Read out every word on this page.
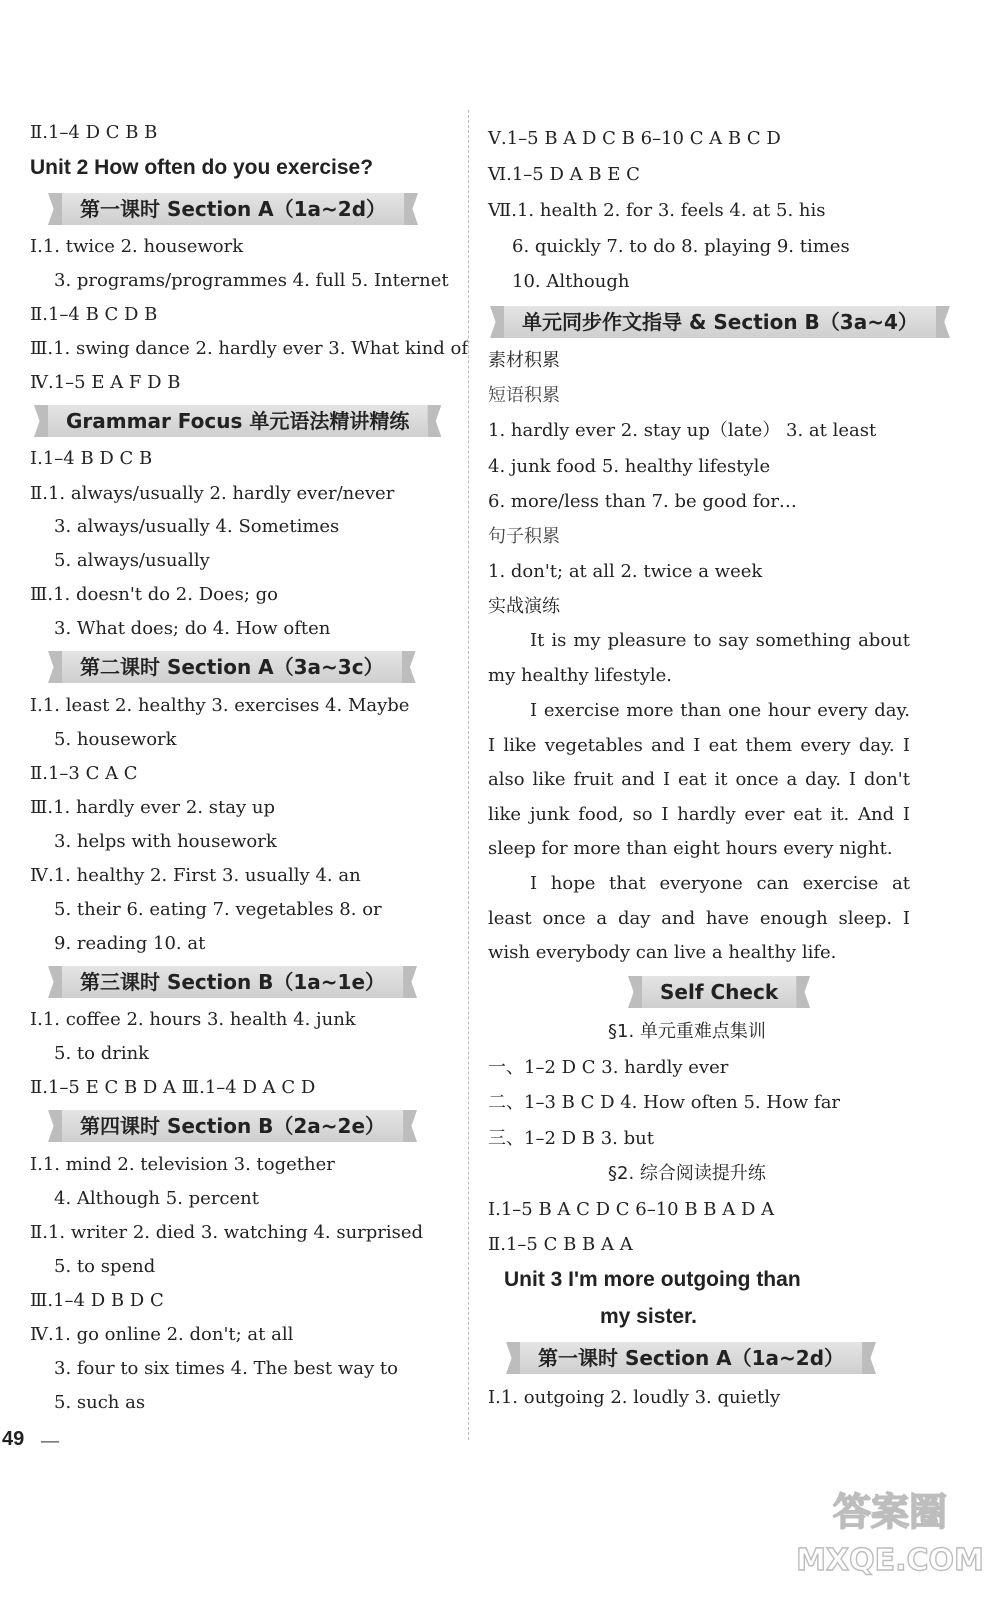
Ⅱ.1–4 D C B B
Unit 2 How often do you exercise?
第一课时 Section A（1a~2d）
Ⅰ.1. twice 2. housework
3. programs/programmes 4. full 5. Internet
Ⅱ.1–4 B C D B
Ⅲ.1. swing dance 2. hardly ever 3. What kind of
Ⅳ.1–5 E A F D B
Grammar Focus 单元语法精讲精练
Ⅰ.1–4 B D C B
Ⅱ.1. always/usually 2. hardly ever/never
3. always/usually 4. Sometimes
5. always/usually
Ⅲ.1. doesn't do 2. Does; go
3. What does; do 4. How often
第二课时 Section A（3a~3c）
Ⅰ.1. least 2. healthy 3. exercises 4. Maybe
5. housework
Ⅱ.1–3 C A C
Ⅲ.1. hardly ever 2. stay up
3. helps with housework
Ⅳ.1. healthy 2. First 3. usually 4. an
5. their 6. eating 7. vegetables 8. or
9. reading 10. at
第三课时 Section B（1a~1e）
Ⅰ.1. coffee 2. hours 3. health 4. junk
5. to drink
Ⅱ.1–5 E C B D A Ⅲ.1–4 D A C D
第四课时 Section B（2a~2e）
Ⅰ.1. mind 2. television 3. together
4. Although 5. percent
Ⅱ.1. writer 2. died 3. watching 4. surprised
5. to spend
Ⅲ.1–4 D B D C
Ⅳ.1. go online 2. don't; at all
3. four to six times 4. The best way to
5. such as
Ⅴ.1–5 B A D C B 6–10 C A B C D
Ⅵ.1–5 D A B E C
Ⅶ.1. health 2. for 3. feels 4. at 5. his
6. quickly 7. to do 8. playing 9. times
10. Although
单元同步作文指导 & Section B（3a~4）
素材积累
短语积累
1. hardly ever 2. stay up（late） 3. at least
4. junk food 5. healthy lifestyle
6. more/less than 7. be good for…
句子积累
1. don't; at all 2. twice a week
实战演练
It is my pleasure to say something about my healthy lifestyle.
I exercise more than one hour every day. I like vegetables and I eat them every day. I also like fruit and I eat it once a day. I don't like junk food, so I hardly ever eat it. And I sleep for more than eight hours every night.
I hope that everyone can exercise at least once a day and have enough sleep. I wish everybody can live a healthy life.
Self Check
§1. 单元重难点集训
一、1–2 D C 3. hardly ever
二、1–3 B C D 4. How often 5. How far
三、1–2 D B 3. but
§2. 综合阅读提升练
Ⅰ.1–5 B A C D C 6–10 B B A D A
Ⅱ.1–5 C B B A A
Unit 3 I'm more outgoing than
my sister.
第一课时 Section A（1a~2d）
Ⅰ.1. outgoing 2. loudly 3. quietly
49 —
答案圈
MXQE.COM
